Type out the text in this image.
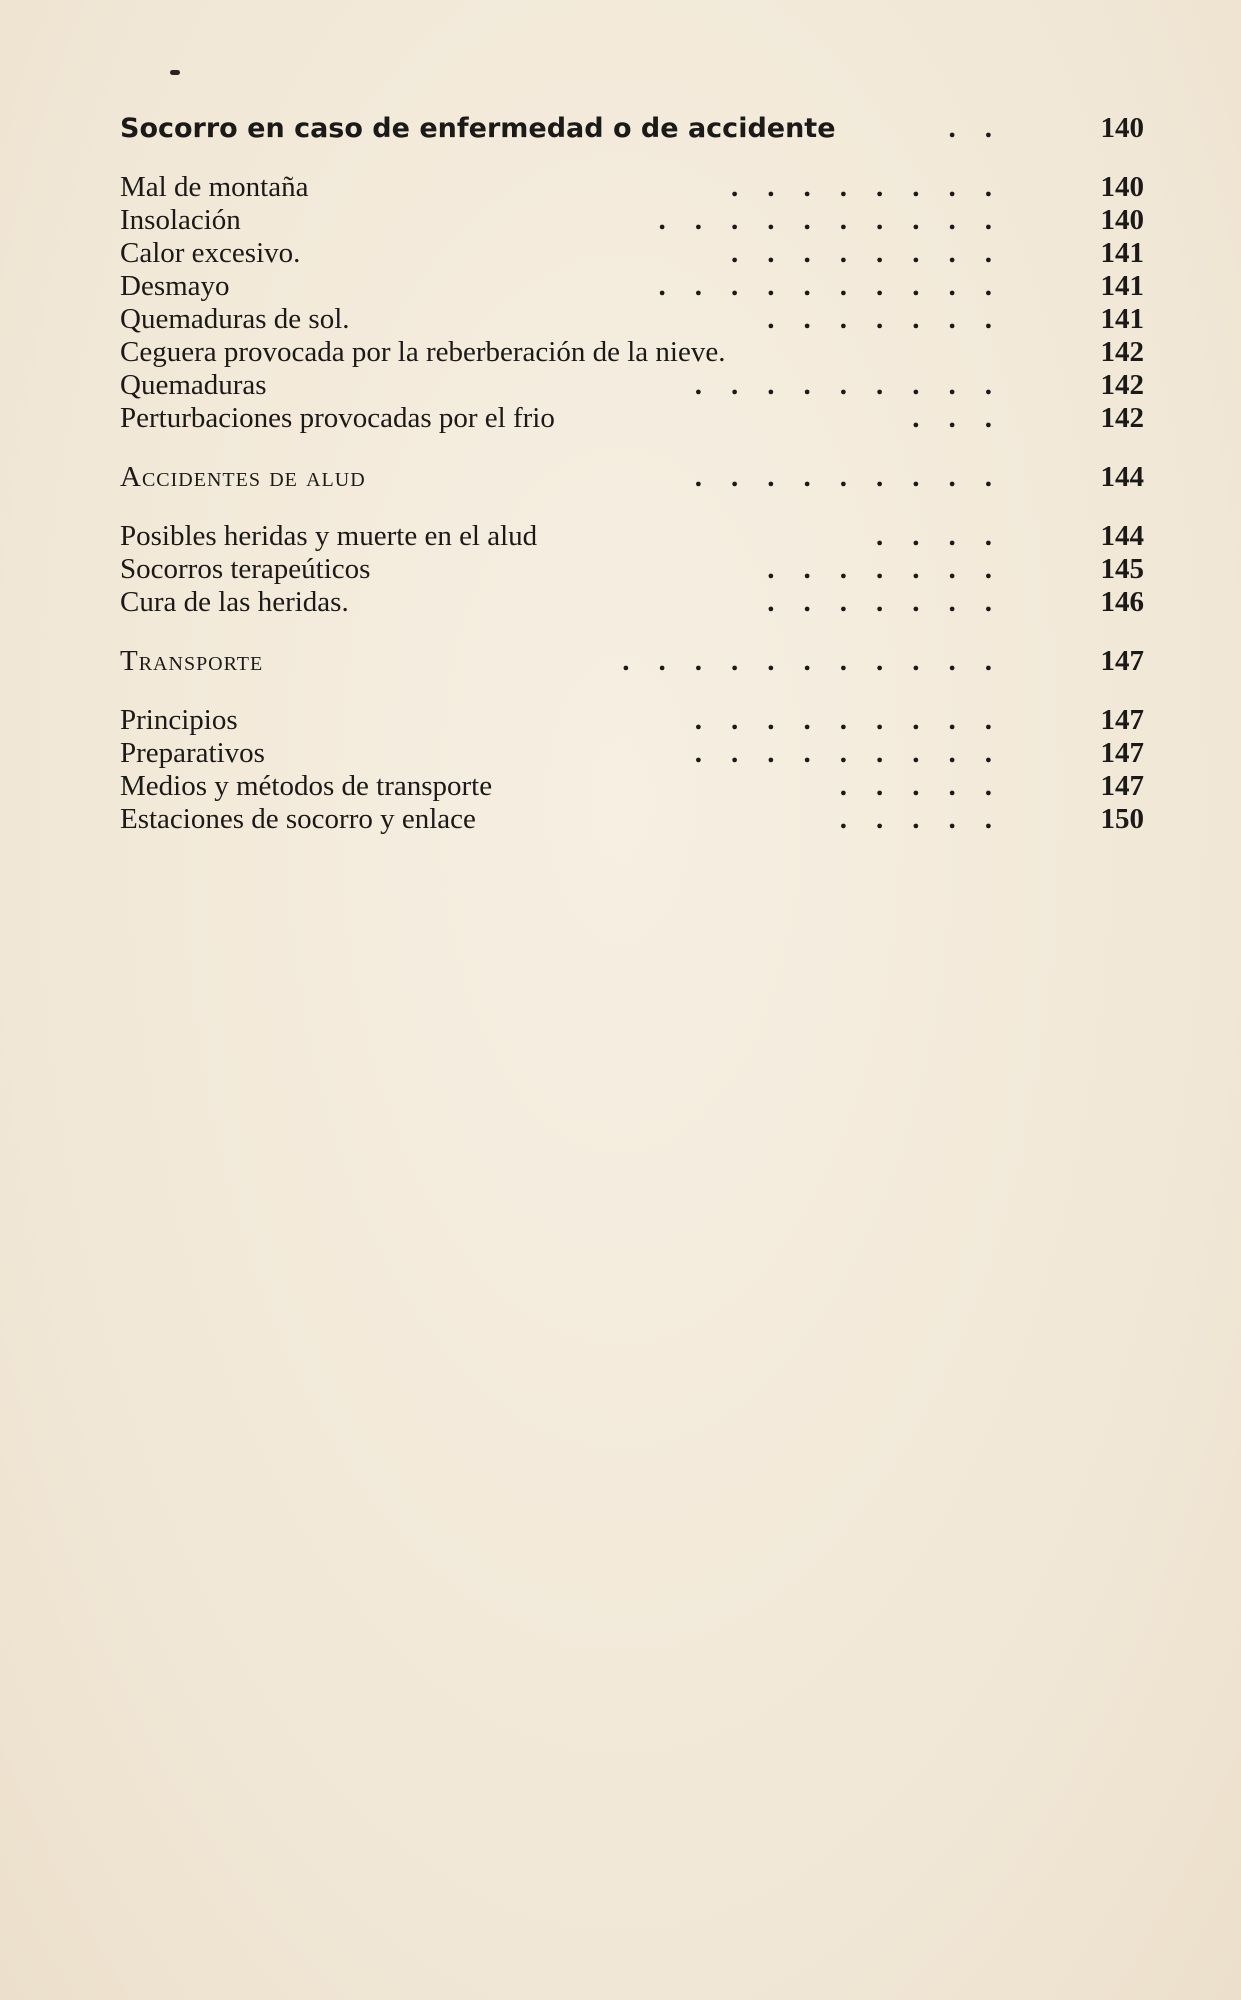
Socorro en caso de enfermedad o de accidente	.    .	140
Mal de montaña	.    .    .    .    .    .    .    .	140
Insolación	.    .    .    .    .    .    .    .    .    .	140
Calor excesivo.	.    .    .    .    .    .    .    .	141
Desmayo	.    .    .    .    .    .    .    .    .    .	141
Quemaduras de sol.	.    .    .    .    .    .    .	141
Ceguera provocada por la reberberación de la nieve.	142
Quemaduras	.    .    .    .    .    .    .    .    .	142
Perturbaciones provocadas por el frio	.    .    .	142
Accidentes de alud	.    .    .    .    .    .    .    .    .	144
Posibles heridas y muerte en el alud	.    .    .    .	144
Socorros terapeúticos	.    .    .    .    .    .    .	145
Cura de las heridas.	.    .    .    .    .    .    .	146
Transporte	.    .    .    .    .    .    .    .    .    .    .	147
Principios	.    .    .    .    .    .    .    .    .	147
Preparativos	.    .    .    .    .    .    .    .    .	147
Medios y métodos de transporte	.    .    .    .    .	147
Estaciones de socorro y enlace	.    .    .    .    .	150
